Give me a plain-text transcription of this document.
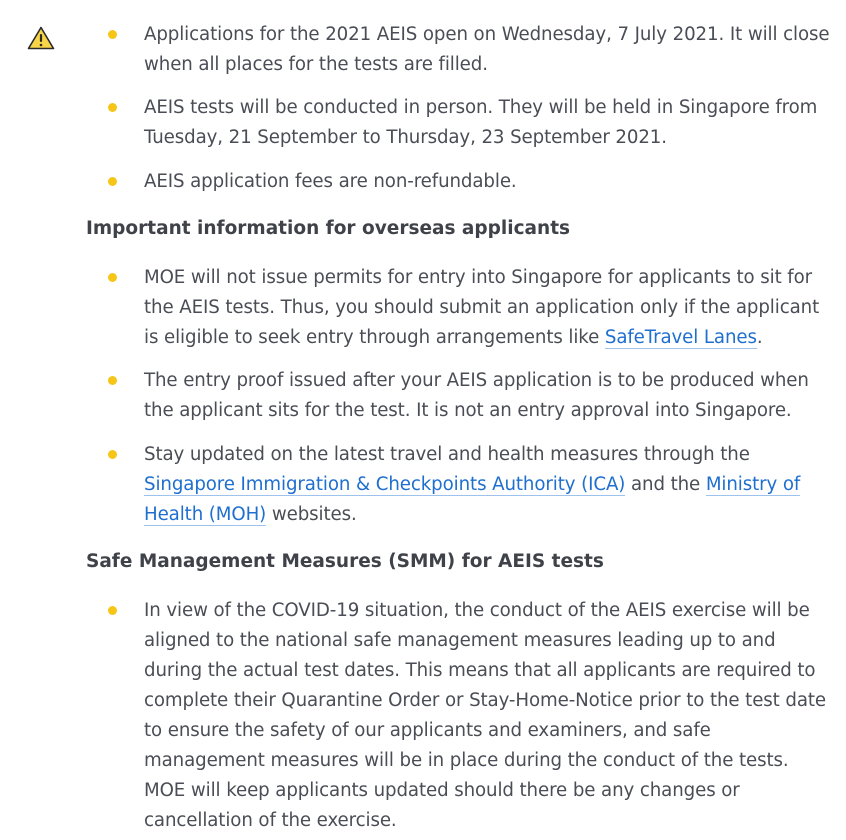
Applications for the 2021 AEIS open on Wednesday, 7 July 2021. It will close when all places for the tests are filled.
AEIS tests will be conducted in person. They will be held in Singapore from Tuesday, 21 September to Thursday, 23 September 2021.
AEIS application fees are non-refundable.
Important information for overseas applicants
MOE will not issue permits for entry into Singapore for applicants to sit for the AEIS tests. Thus, you should submit an application only if the applicant is eligible to seek entry through arrangements like SafeTravel Lanes.
The entry proof issued after your AEIS application is to be produced when the applicant sits for the test. It is not an entry approval into Singapore.
Stay updated on the latest travel and health measures through the Singapore Immigration & Checkpoints Authority (ICA) and the Ministry of Health (MOH) websites.
Safe Management Measures (SMM) for AEIS tests
In view of the COVID-19 situation, the conduct of the AEIS exercise will be aligned to the national safe management measures leading up to and during the actual test dates. This means that all applicants are required to complete their Quarantine Order or Stay-Home-Notice prior to the test date to ensure the safety of our applicants and examiners, and safe management measures will be in place during the conduct of the tests. MOE will keep applicants updated should there be any changes or cancellation of the exercise.
